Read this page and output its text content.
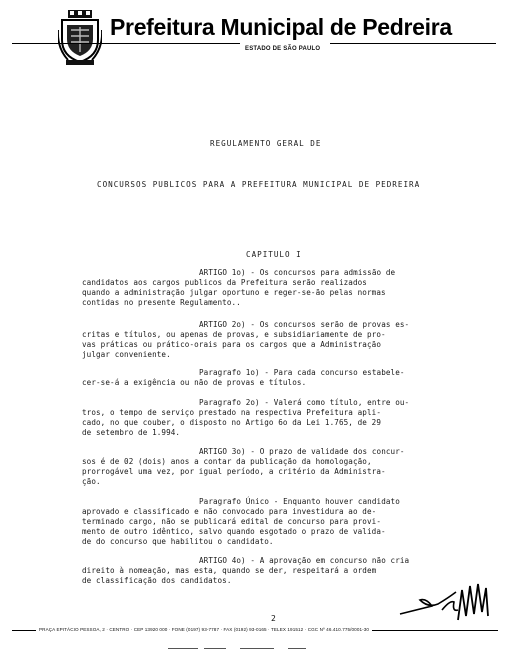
Prefeitura Municipal de Pedreira
ESTADO DE SÃO PAULO
REGULAMENTO GERAL DE
CONCURSOS PUBLICOS PARA A PREFEITURA MUNICIPAL DE PEDREIRA
CAPITULO I
ARTIGO 1o) - Os concursos para admissão de
candidatos aos cargos publicos da Prefeitura serão realizados
quando a administração julgar oportuno e reger-se-ão pelas normas
contidas no presente Regulamento..
ARTIGO 2o) - Os concursos serão de provas es-
critas e títulos, ou apenas de provas, e subsidiariamente de pro-
vas práticas ou prático-orais para os cargos que a Administração
julgar conveniente.
Paragrafo 1o) - Para cada concurso estabele-
cer-se-á a exigência ou não de provas e títulos.
Paragrafo 2o) - Valerá como título, entre ou-
tros, o tempo de serviço prestado na respectiva Prefeitura apli-
cado, no que couber, o disposto no Artigo 6o da Lei 1.765, de 29
de setembro de 1.994.
ARTIGO 3o) - O prazo de validade dos concur-
sos é de 02 (dois) anos a contar da publicação da homologação,
prorrogável uma vez, por igual período, a critério da Administra-
ção.
Paragrafo Único - Enquanto houver candidato
aprovado e classificado e não convocado para investidura ao de-
terminado cargo, não se publicará edital de concurso para provi-
mento de outro idêntico, salvo quando esgotado o prazo de valida-
de do concurso que habilitou o candidato.
ARTIGO 4o) - A aprovação em concurso não cria
direito à nomeação, mas esta, quando se der, respeitará a ordem
de classificação dos candidatos.
2
PRAÇA EPITÁCIO PESSOA, 2 · CENTRO · CEP 13920 000 · FONE (0197) 93-7787 · FAX (0192) 93-0165 · TELEX 191512 · CGC Nº 46.410.775/0001-30
